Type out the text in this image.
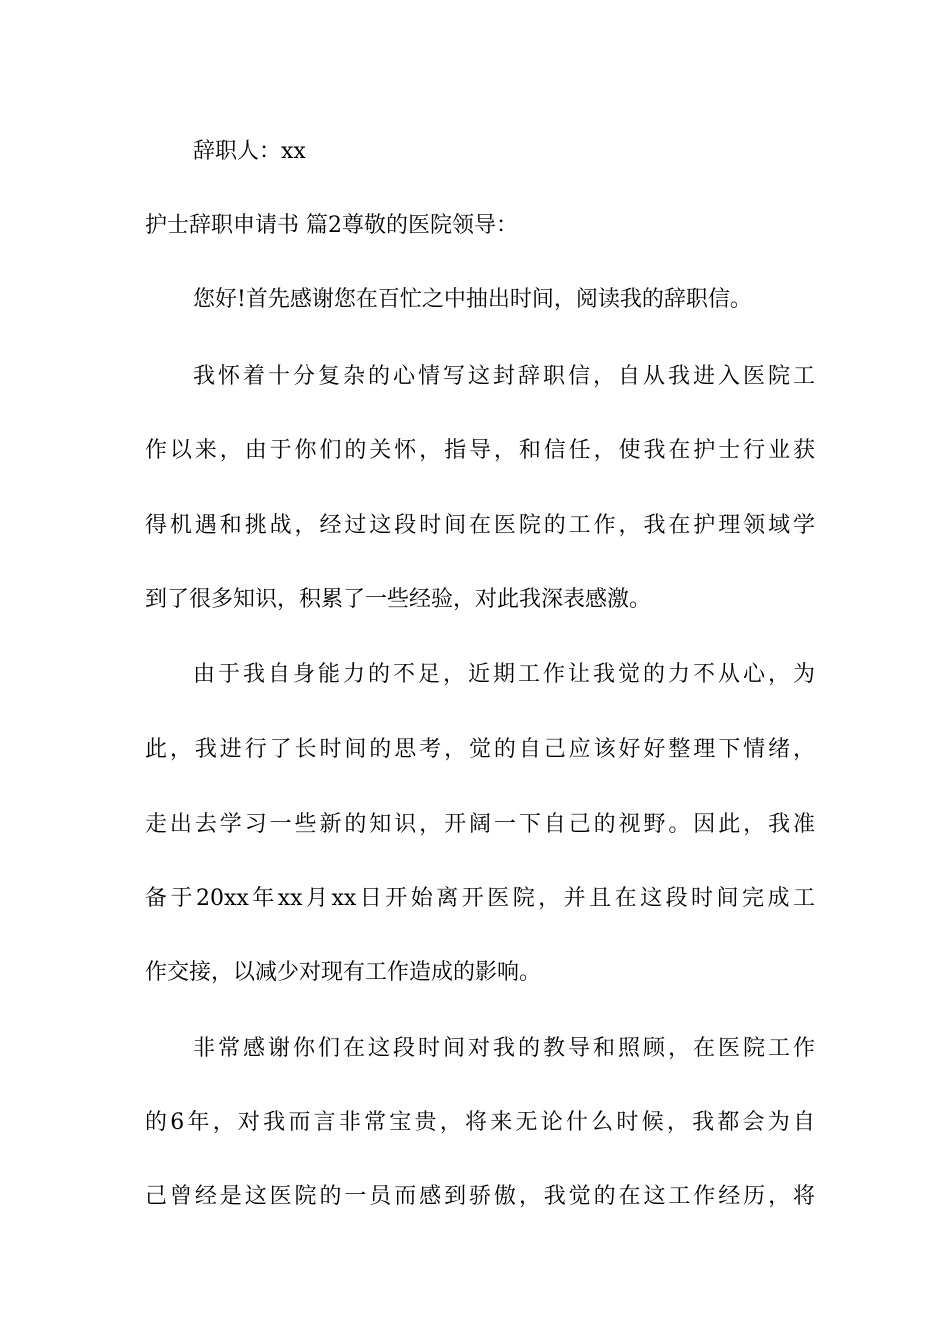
辞职人：xx
护士辞职申请书 篇2尊敬的医院领导：
您好!首先感谢您在百忙之中抽出时间，阅读我的辞职信。
我怀着十分复杂的心情写这封辞职信，自从我进入医院工
作以来，由于你们的关怀，指导，和信任，使我在护士行业获
得机遇和挑战，经过这段时间在医院的工作，我在护理领域学
到了很多知识，积累了一些经验，对此我深表感激。
由于我自身能力的不足，近期工作让我觉的力不从心，为
此，我进行了长时间的思考，觉的自己应该好好整理下情绪，
走出去学习一些新的知识，开阔一下自己的视野。因此，我准
备于20xx年xx月xx日开始离开医院，并且在这段时间完成工
作交接，以减少对现有工作造成的影响。
非常感谢你们在这段时间对我的教导和照顾，在医院工作
的6年，对我而言非常宝贵，将来无论什么时候，我都会为自
己曾经是这医院的一员而感到骄傲，我觉的在这工作经历，将
